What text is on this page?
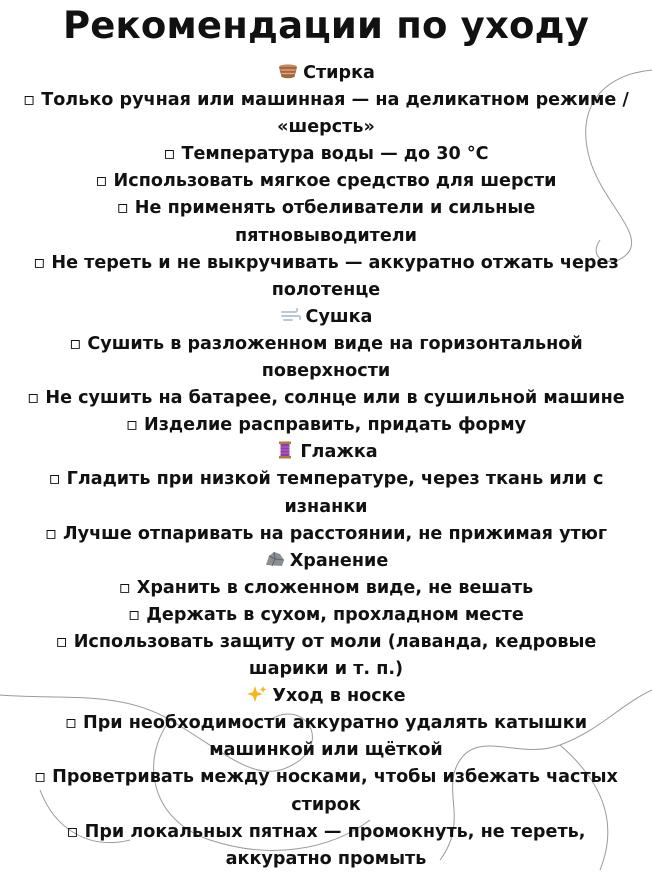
Рекомендации по уходу

Стирка

▫ Только ручная или машинная — на деликатном режиме /

«шерсть»

▫ Температура воды — до 30 °C

▫ Использовать мягкое средство для шерсти

▫ Не применять отбеливатели и сильные

пятновыводители

▫ Не тереть и не выкручивать — аккуратно отжать через

полотенце

Сушка

▫ Сушить в разложенном виде на горизонтальной

поверхности

▫ Не сушить на батарее, солнце или в сушильной машине

▫ Изделие расправить, придать форму

Глажка

▫ Гладить при низкой температуре, через ткань или с

изнанки

▫ Лучше отпаривать на расстоянии, не прижимая утюг

Хранение

▫ Хранить в сложенном виде, не вешать

▫ Держать в сухом, прохладном месте

▫ Использовать защиту от моли (лаванда, кедровые

шарики и т. п.)

Уход в носке

▫ При необходимости аккуратно удалять катышки

машинкой или щёткой

▫ Проветривать между носками, чтобы избежать частых

стирок

▫ При локальных пятнах — промокнуть, не тереть,

аккуратно промыть
